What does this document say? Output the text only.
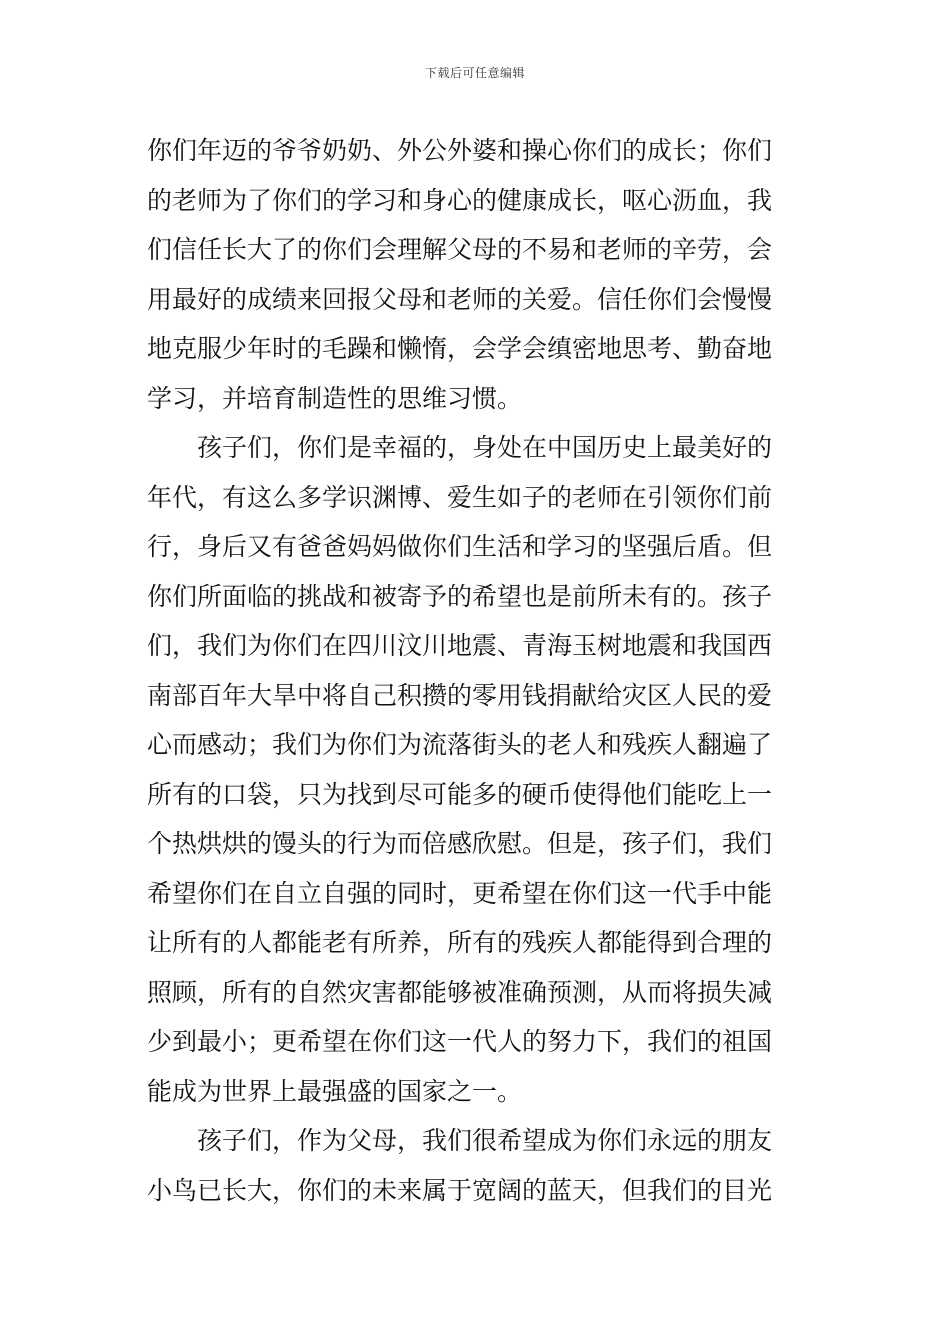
下载后可任意编辑
你们年迈的爷爷奶奶、外公外婆和操心你们的成长；你们
的老师为了你们的学习和身心的健康成长，呕心沥血，我
们信任长大了的你们会理解父母的不易和老师的辛劳，会
用最好的成绩来回报父母和老师的关爱。信任你们会慢慢
地克服少年时的毛躁和懒惰，会学会缜密地思考、勤奋地
学习，并培育制造性的思维习惯。
孩子们，你们是幸福的，身处在中国历史上最美好的
年代，有这么多学识渊博、爱生如子的老师在引领你们前
行，身后又有爸爸妈妈做你们生活和学习的坚强后盾。但
你们所面临的挑战和被寄予的希望也是前所未有的。孩子
们，我们为你们在四川汶川地震、青海玉树地震和我国西
南部百年大旱中将自己积攒的零用钱捐献给灾区人民的爱
心而感动；我们为你们为流落街头的老人和残疾人翻遍了
所有的口袋，只为找到尽可能多的硬币使得他们能吃上一
个热烘烘的馒头的行为而倍感欣慰。但是，孩子们，我们
希望你们在自立自强的同时，更希望在你们这一代手中能
让所有的人都能老有所养，所有的残疾人都能得到合理的
照顾，所有的自然灾害都能够被准确预测，从而将损失减
少到最小；更希望在你们这一代人的努力下，我们的祖国
能成为世界上最强盛的国家之一。
孩子们，作为父母，我们很希望成为你们永远的朋友
小鸟已长大，你们的未来属于宽阔的蓝天，但我们的目光
